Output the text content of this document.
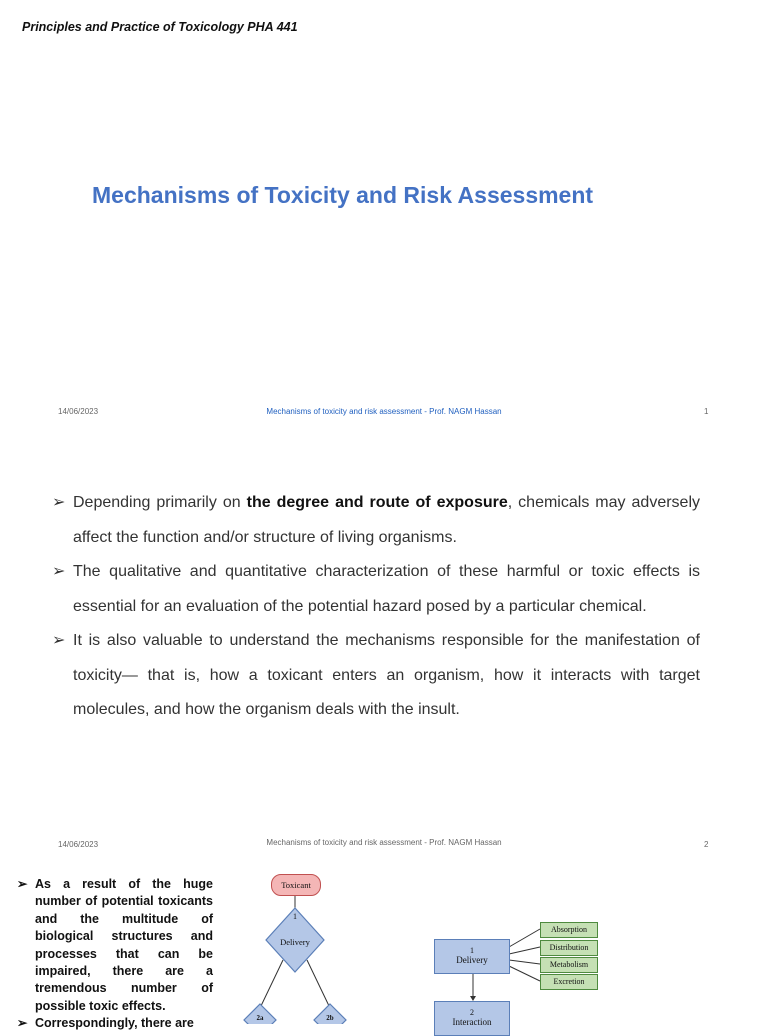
Principles and Practice of Toxicology PHA 441
Mechanisms of Toxicity and Risk Assessment
14/06/2023	Mechanisms of toxicity and risk assessment - Prof. NAGM Hassan	1
➢ Depending primarily on the degree and route of exposure, chemicals may adversely affect the function and/or structure of living organisms.
➢ The qualitative and quantitative characterization of these harmful or toxic effects is essential for an evaluation of the potential hazard posed by a particular chemical.
➢ It is also valuable to understand the mechanisms responsible for the manifestation of toxicity— that is, how a toxicant enters an organism, how it interacts with target molecules, and how the organism deals with the insult.
14/06/2023	Mechanisms of toxicity and risk assessment - Prof. NAGM Hassan	2
➢ As a result of the huge number of potential toxicants and the multitude of biological structures and processes that can be impaired, there are a tremendous number of possible toxic effects.
➢ Correspondingly, there are
Toxicant
1
Delivery
2a	2b
1
Delivery
2
Interaction
Absorption
Distribution
Metabolism
Excretion
